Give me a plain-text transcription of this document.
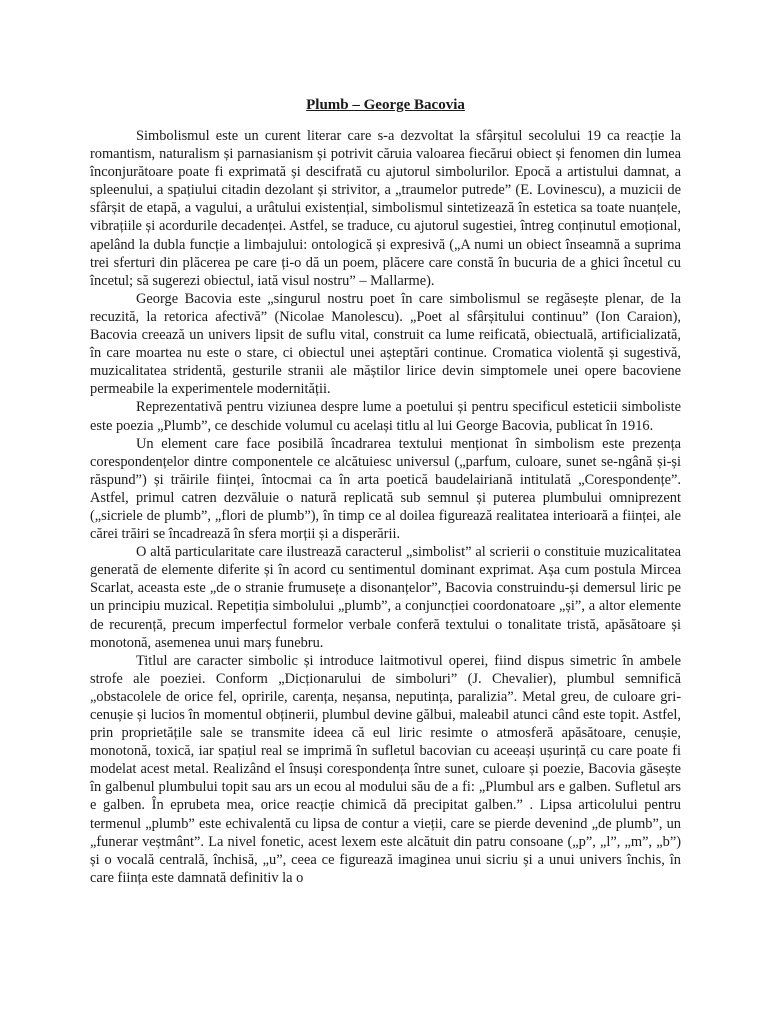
Plumb – George Bacovia

Simbolismul este un curent literar care s-a dezvoltat la sfârșitul secolului 19 ca reacție la romantism, naturalism și parnasianism și potrivit căruia valoarea fiecărui obiect și fenomen din lumea înconjurătoare poate fi exprimată și descifrată cu ajutorul simbolurilor. Epocă a artistului damnat, a spleenului, a spațiului citadin dezolant și strivitor, a „traumelor putrede” (E. Lovinescu), a muzicii de sfârșit de etapă, a vagului, a urâtului existențial, simbolismul sintetizează în estetica sa toate nuanțele, vibrațiile și acordurile decadenței. Astfel, se traduce, cu ajutorul sugestiei, întreg conținutul emoțional, apelând la dubla funcție a limbajului: ontologică și expresivă („A numi un obiect înseamnă a suprima trei sferturi din plăcerea pe care ți-o dă un poem, plăcere care constă în bucuria de a ghici încetul cu încetul; să sugerezi obiectul, iată visul nostru” – Mallarme).

George Bacovia este „singurul nostru poet în care simbolismul se regăsește plenar, de la recuzită, la retorica afectivă” (Nicolae Manolescu). „Poet al sfârșitului continuu” (Ion Caraion), Bacovia creează un univers lipsit de suflu vital, construit ca lume reificată, obiectuală, artificializată, în care moartea nu este o stare, ci obiectul unei așteptări continue. Cromatica violentă și sugestivă, muzicalitatea stridentă, gesturile stranii ale măștilor lirice devin simptomele unei opere bacoviene permeabile la experimentele modernității.

Reprezentativă pentru viziunea despre lume a poetului și pentru specificul esteticii simboliste este poezia „Plumb”, ce deschide volumul cu același titlu al lui George Bacovia, publicat în 1916.

Un element care face posibilă încadrarea textului menționat în simbolism este prezența corespondențelor dintre componentele ce alcătuiesc universul („parfum, culoare, sunet se-ngână și-și răspund”) și trăirile ființei, întocmai ca în arta poetică baudelairiană intitulată „Corespondențe”. Astfel, primul catren dezvăluie o natură replicată sub semnul și puterea plumbului omniprezent („sicriele de plumb”, „flori de plumb”), în timp ce al doilea figurează realitatea interioară a ființei, ale cărei trăiri se încadrează în sfera morții și a disperării.

O altă particularitate care ilustrează caracterul „simbolist” al scrierii o constituie muzicalitatea generată de elemente diferite și în acord cu sentimentul dominant exprimat. Așa cum postula Mircea Scarlat, aceasta este „de o stranie frumusețe a disonanțelor”, Bacovia construindu-și demersul liric pe un principiu muzical. Repetiția simbolului „plumb”, a conjuncției coordonatoare „și”, a altor elemente de recurență, precum imperfectul formelor verbale conferă textului o tonalitate tristă, apăsătoare și monotonă, asemenea unui marș funebru.

Titlul are caracter simbolic și introduce laitmotivul operei, fiind dispus simetric în ambele strofe ale poeziei. Conform „Dicționarului de simboluri” (J. Chevalier), plumbul semnifică „obstacolele de orice fel, opririle, carența, neșansa, neputința, paralizia”. Metal greu, de culoare gri-cenușie și lucios în momentul obținerii, plumbul devine gălbui, maleabil atunci când este topit. Astfel, prin proprietățile sale se transmite ideea că eul liric resimte o atmosferă apăsătoare, cenușie, monotonă, toxică, iar spațiul real se imprimă în sufletul bacovian cu aceeași ușurință cu care poate fi modelat acest metal. Realizând el însuși corespondența între sunet, culoare și poezie, Bacovia găsește în galbenul plumbului topit sau ars un ecou al modului său de a fi: „Plumbul ars e galben. Sufletul ars e galben. În eprubeta mea, orice reacție chimică dă precipitat galben.” . Lipsa articolului pentru termenul „plumb” este echivalentă cu lipsa de contur a vieții, care se pierde devenind „de plumb”, un „funerar veștmânt”. La nivel fonetic, acest lexem este alcătuit din patru consoane („p”, „l”, „m”, „b”) și o vocală centrală, închisă, „u”, ceea ce figurează imaginea unui sicriu și a unui univers închis, în care ființa este damnată definitiv la o
